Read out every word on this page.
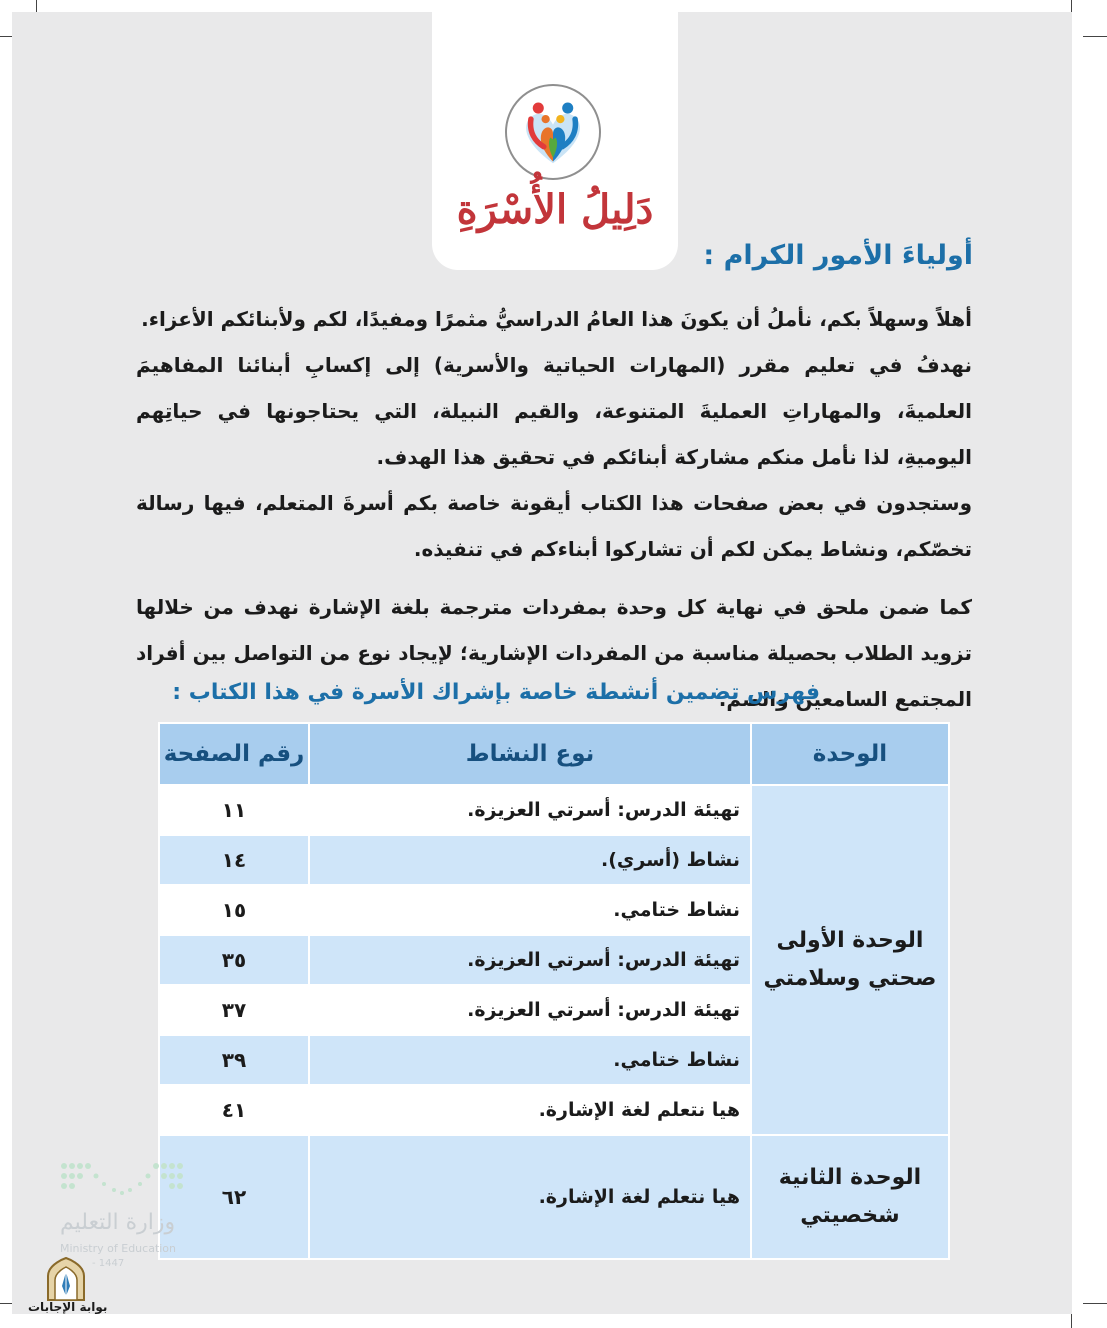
دَلِيلُ الأُسْرَةِ
أولياءَ الأمور الكرام :

أهلاً وسهلاً بكم، نأملُ أن يكونَ هذا العامُ الدراسيُّ مثمرًا ومفيدًا، لكم ولأبنائكم الأعزاء.

نهدفُ في تعليم مقرر (المهارات الحياتية والأسرية) إلى إكسابِ أبنائنا المفاهيمَ العلميةَ، والمهاراتِ العمليةَ المتنوعة، والقيم النبيلة، التي يحتاجونها في حياتِهم اليوميةِ، لذا نأمل منكم مشاركة أبنائكم في تحقيق هذا الهدف.

وستجدون في بعض صفحات هذا الكتاب أيقونة خاصة بكم أسرةَ المتعلم، فيها رسالة تخصّكم، ونشاط يمكن لكم أن تشاركوا أبناءكم في تنفيذه.

كما ضمن ملحق في نهاية كل وحدة بمفردات مترجمة بلغة الإشارة نهدف من خلالها تزويد الطلاب بحصيلة مناسبة من المفردات الإشارية؛ لإيجاد نوع من التواصل بين أفراد المجتمع السامعين والصم.

فهرس تضمين أنشطة خاصة بإشراك الأسرة في هذا الكتاب :
الوحدة	نوع النشاط	رقم الصفحة

الوحدة الأولى
صحتي وسلامتي	تهيئة الدرس: أسرتي العزيزة.	١١
	نشاط (أسري).	١٤
	نشاط ختامي.	١٥
	تهيئة الدرس: أسرتي العزيزة.	٣٥
	تهيئة الدرس: أسرتي العزيزة.	٣٧
	نشاط ختامي.	٣٩
	هيا نتعلم لغة الإشارة.	٤١

الوحدة الثانية
شخصيتي	هيا نتعلم لغة الإشارة.	٦٢

وزارة التعليم

Ministry of Education

- 1447

بوابة الإجابات
